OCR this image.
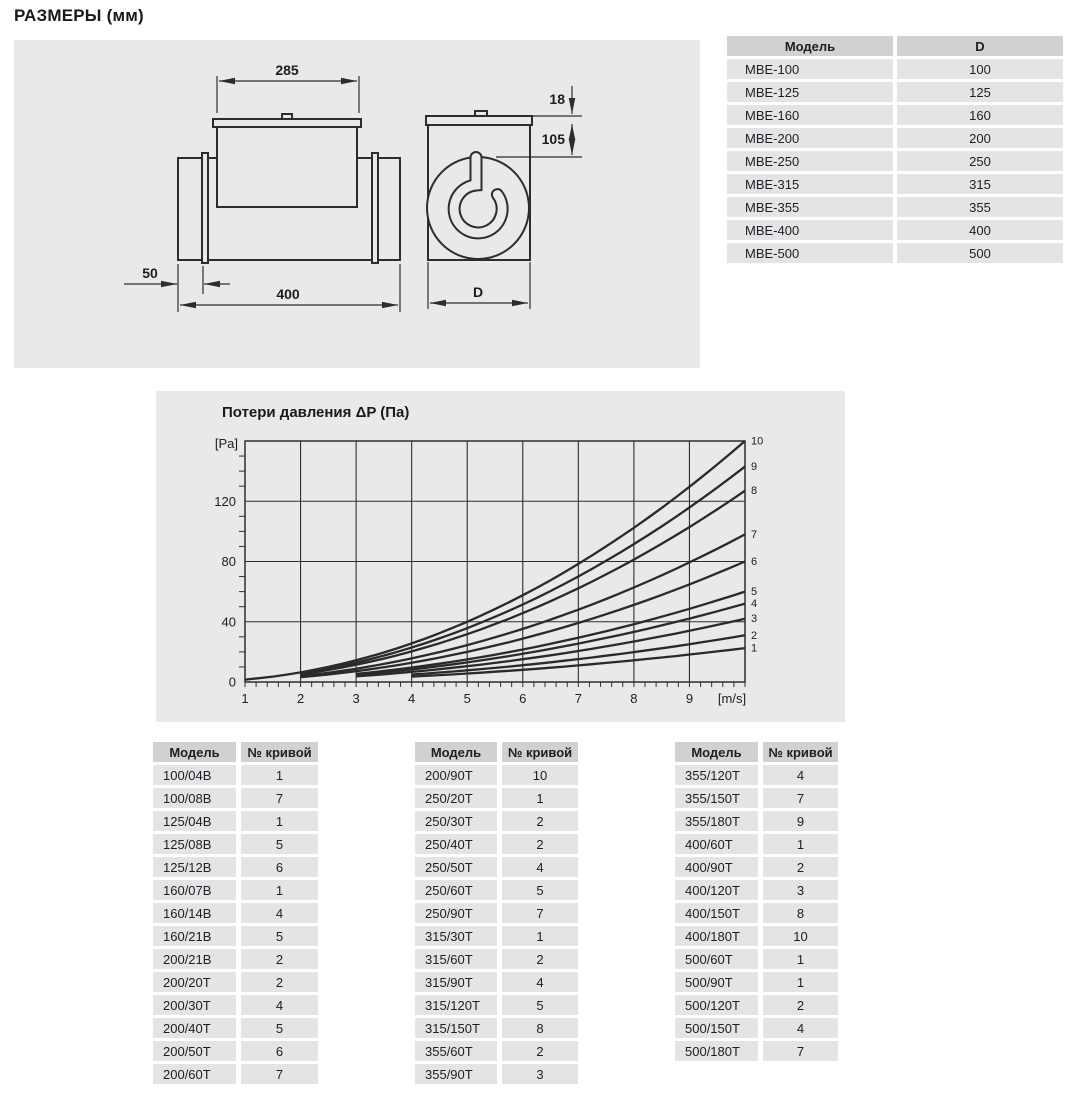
РАЗМЕРЫ (мм)
285
400
50
18
105
D
Модель	D
МВЕ-100	100
МВЕ-125	125
МВЕ-160	160
МВЕ-200	200
МВЕ-250	250
МВЕ-315	315
МВЕ-355	355
МВЕ-400	400
МВЕ-500	500
Потери давления ΔP (Па)
1	2	3	4	5	6	7	8	9 [m/s]
0
40
80
120
[Pa]
1
2
3
4
5
6
7
8
9
10
Модель	№ кривой
100/04В	1
100/08В	7
125/04В	1
125/08В	5
125/12В	6
160/07В	1
160/14В	4
160/21В	5
200/21В	2
200/20Т	2
200/30Т	4
200/40Т	5
200/50Т	6
200/60Т	7
Модель	№ кривой
200/90Т	10
250/20Т	1
250/30Т	2
250/40Т	2
250/50Т	4
250/60Т	5
250/90Т	7
315/30Т	1
315/60Т	2
315/90Т	4
315/120Т	5
315/150Т	8
355/60Т	2
355/90Т	3
Модель	№ кривой
355/120Т	4
355/150Т	7
355/180Т	9
400/60Т	1
400/90Т	2
400/120Т	3
400/150Т	8
400/180Т	10
500/60Т	1
500/90Т	1
500/120Т	2
500/150Т	4
500/180Т	7
